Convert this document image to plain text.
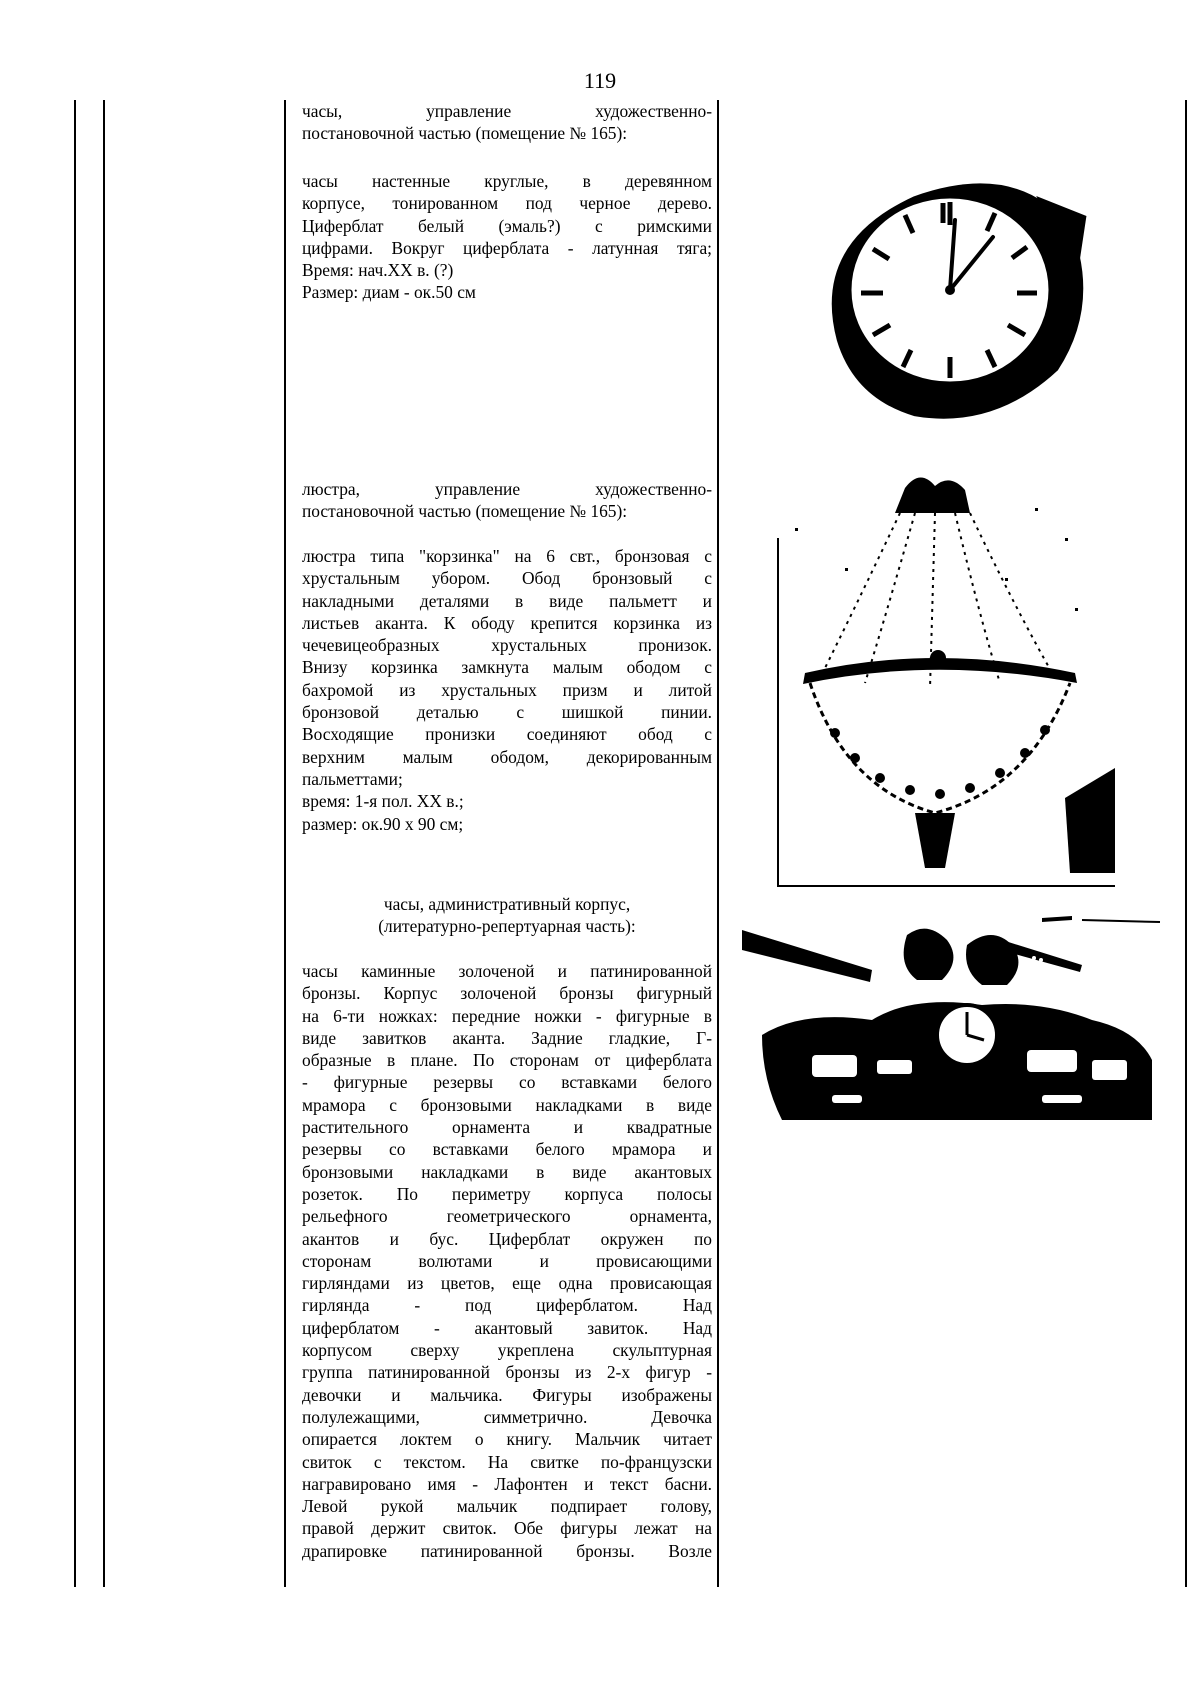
119

часы, управление художественно-

постановочной частью (помещение № 165):

часы настенные круглые, в деревянном

корпусе, тонированном под черное дерево.

Циферблат белый (эмаль?) с римскими

цифрами. Вокруг циферблата - латунная тяга;

Время: нач.XX в. (?)

Размер: диам - ок.50 см

люстра, управление художественно-

постановочной частью (помещение № 165):

люстра типа "корзинка" на 6 свт., бронзовая с

хрустальным убором. Обод бронзовый с

накладными деталями в виде пальметт и

листьев аканта. К ободу крепится корзинка из

чечевицеобразных хрустальных пронизок.

Внизу корзинка замкнута малым ободом с

бахромой из хрустальных призм и литой

бронзовой деталью с шишкой пинии.

Восходящие пронизки соединяют обод с

верхним малым ободом, декорированным

пальметтами;

время: 1-я пол. XX в.;

размер: ок.90 х 90 см;

часы, административный корпус,

(литературно-репертуарная часть):

часы каминные золоченой и патинированной

бронзы. Корпус золоченой бронзы фигурный

на 6-ти ножках: передние ножки - фигурные в

виде завитков аканта. Задние гладкие, Г-

образные в плане. По сторонам от циферблата

- фигурные резервы со вставками белого

мрамора с бронзовыми накладками в виде

растительного орнамента и квадратные

резервы со вставками белого мрамора и

бронзовыми накладками в виде акантовых

розеток. По периметру корпуса полосы

рельефного геометрического орнамента,

акантов и бус. Циферблат окружен по

сторонам волютами и провисающими

гирляндами из цветов, еще одна провисающая

гирлянда - под циферблатом. Над

циферблатом - акантовый завиток. Над

корпусом сверху укреплена скульптурная

группа патинированной бронзы из 2-х фигур -

девочки и мальчика. Фигуры изображены

полулежащими, симметрично. Девочка

опирается локтем о книгу. Мальчик читает

свиток с текстом. На свитке по-французски

награвировано имя - Лафонтен и текст басни.

Левой рукой мальчик подпирает голову,

правой держит свиток. Обе фигуры лежат на

драпировке патинированной бронзы. Возле
